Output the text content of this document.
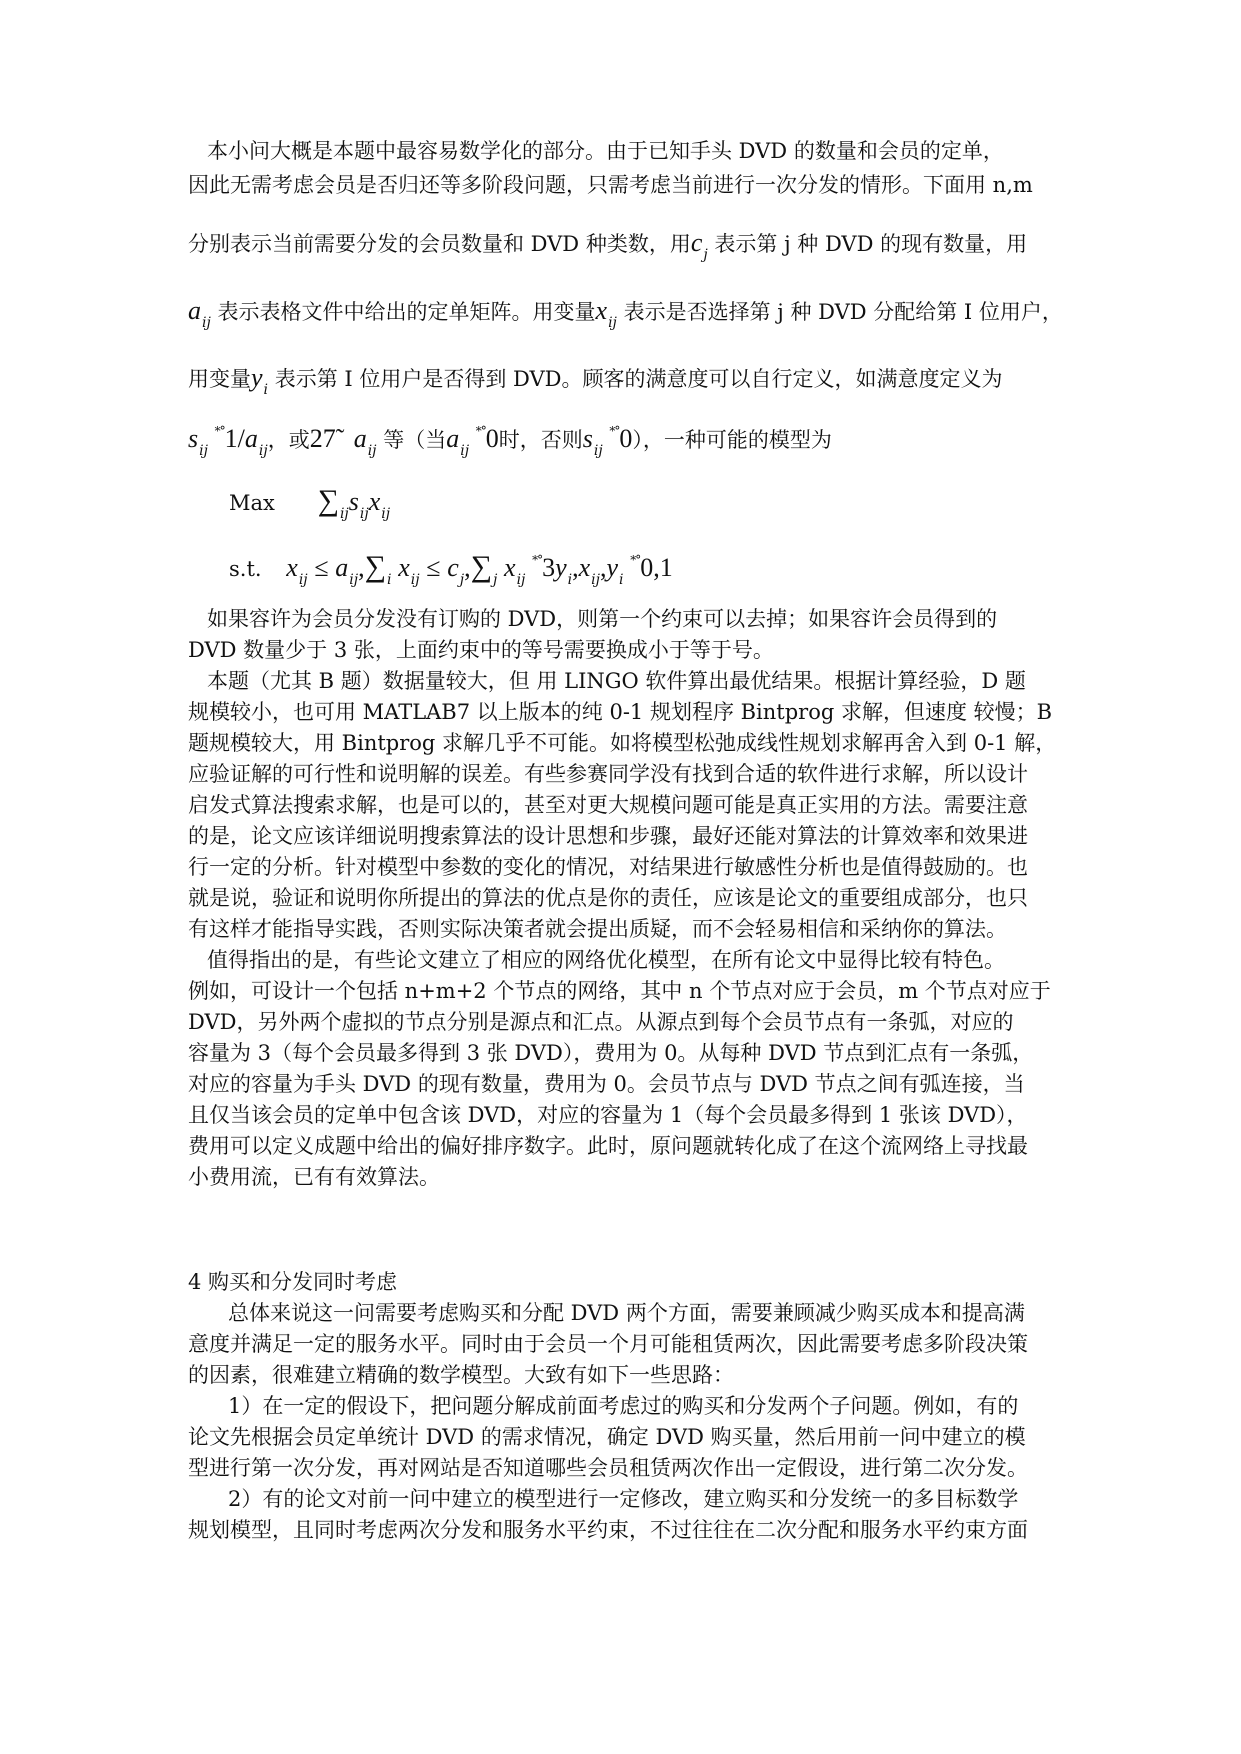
本小问大概是本题中最容易数学化的部分。由于已知手头 DVD 的数量和会员的定单，
因此无需考虑会员是否归还等多阶段问题，只需考虑当前进行一次分发的情形。下面用 n,m
分别表示当前需要分发的会员数量和 DVD 种类数，用$c_j$ 表示第 j 种 DVD 的现有数量，用
$a_{ij}$ 表示表格文件中给出的定单矩阵。用变量$x_{ij}$ 表示是否选择第 j 种 DVD 分配给第 I 位用户，
用变量$y_i$ 表示第 I 位用户是否得到 DVD。顾客的满意度可以自行定义，如满意度定义为
$s_{ij}$ $^{*^\circ}1/a_{ij}$，或27̃ $a_{ij}$ 等（当$a_{ij}$ *°0时，否则$s_{ij}$ *°0），一种可能的模型为
Max $\sum_{ij}s_{ij}x_{ij}$
s.t. $x_{ij} \le a_{ij},\sum_i$ $x_{ij} \le c_j,\sum_j$ $x_{ij}$ $^{*^\circ}3y_i,x_{ij},y_i$ *°0,1
如果容许为会员分发没有订购的 DVD，则第一个约束可以去掉；如果容许会员得到的
DVD 数量少于 3 张，上面约束中的等号需要换成小于等于号。
本题（尤其 B 题）数据量较大，但 用 LINGO 软件算出最优结果。根据计算经验，D 题
规模较小，也可用 MATLAB7 以上版本的纯 0-1 规划程序 Bintprog 求解，但速度 较慢；B
题规模较大，用 Bintprog 求解几乎不可能。如将模型松弛成线性规划求解再舍入到 0-1 解，
应验证解的可行性和说明解的误差。有些参赛同学没有找到合适的软件进行求解，所以设计
启发式算法搜索求解，也是可以的，甚至对更大规模问题可能是真正实用的方法。需要注意
的是，论文应该详细说明搜索算法的设计思想和步骤，最好还能对算法的计算效率和效果进
行一定的分析。针对模型中参数的变化的情况，对结果进行敏感性分析也是值得鼓励的。也
就是说，验证和说明你所提出的算法的优点是你的责任，应该是论文的重要组成部分，也只
有这样才能指导实践，否则实际决策者就会提出质疑，而不会轻易相信和采纳你的算法。
值得指出的是，有些论文建立了相应的网络优化模型，在所有论文中显得比较有特色。
例如，可设计一个包括 n+m+2 个节点的网络，其中 n 个节点对应于会员，m 个节点对应于
DVD，另外两个虚拟的节点分别是源点和汇点。从源点到每个会员节点有一条弧，对应的
容量为 3（每个会员最多得到 3 张 DVD），费用为 0。从每种 DVD 节点到汇点有一条弧，
对应的容量为手头 DVD 的现有数量，费用为 0。会员节点与 DVD 节点之间有弧连接，当
且仅当该会员的定单中包含该 DVD，对应的容量为 1（每个会员最多得到 1 张该 DVD），
费用可以定义成题中给出的偏好排序数字。此时，原问题就转化成了在这个流网络上寻找最
小费用流，已有有效算法。
4 购买和分发同时考虑
总体来说这一问需要考虑购买和分配 DVD 两个方面，需要兼顾减少购买成本和提高满
意度并满足一定的服务水平。同时由于会员一个月可能租赁两次，因此需要考虑多阶段决策
的因素，很难建立精确的数学模型。大致有如下一些思路：
1）在一定的假设下，把问题分解成前面考虑过的购买和分发两个子问题。例如，有的
论文先根据会员定单统计 DVD 的需求情况，确定 DVD 购买量，然后用前一问中建立的模
型进行第一次分发，再对网站是否知道哪些会员租赁两次作出一定假设，进行第二次分发。
2）有的论文对前一问中建立的模型进行一定修改，建立购买和分发统一的多目标数学
规划模型，且同时考虑两次分发和服务水平约束，不过往往在二次分配和服务水平约束方面
